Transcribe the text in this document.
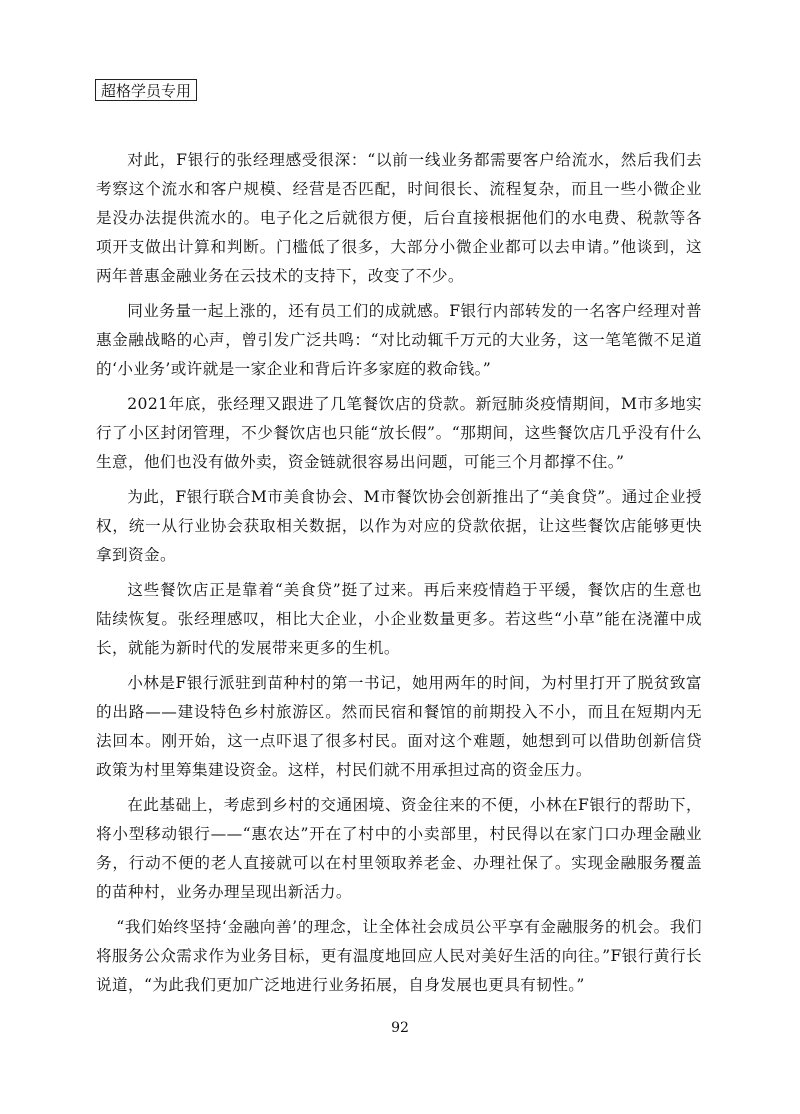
超格学员专用

对此，F银行的张经理感受很深：“以前一线业务都需要客户给流水，然后我们去考察这个流水和客户规模、经营是否匹配，时间很长、流程复杂，而且一些小微企业是没办法提供流水的。电子化之后就很方便，后台直接根据他们的水电费、税款等各项开支做出计算和判断。门槛低了很多，大部分小微企业都可以去申请。”他谈到，这两年普惠金融业务在云技术的支持下，改变了不少。

同业务量一起上涨的，还有员工们的成就感。F银行内部转发的一名客户经理对普惠金融战略的心声，曾引发广泛共鸣：“对比动辄千万元的大业务，这一笔笔微不足道的‘小业务’或许就是一家企业和背后许多家庭的救命钱。”

2021年底，张经理又跟进了几笔餐饮店的贷款。新冠肺炎疫情期间，M市多地实行了小区封闭管理，不少餐饮店也只能“放长假”。“那期间，这些餐饮店几乎没有什么生意，他们也没有做外卖，资金链就很容易出问题，可能三个月都撑不住。”

为此，F银行联合M市美食协会、M市餐饮协会创新推出了“美食贷”。通过企业授权，统一从行业协会获取相关数据，以作为对应的贷款依据，让这些餐饮店能够更快拿到资金。

这些餐饮店正是靠着“美食贷”挺了过来。再后来疫情趋于平缓，餐饮店的生意也陆续恢复。张经理感叹，相比大企业，小企业数量更多。若这些“小草”能在浇灌中成长，就能为新时代的发展带来更多的生机。

小林是F银行派驻到苗种村的第一书记，她用两年的时间，为村里打开了脱贫致富的出路——建设特色乡村旅游区。然而民宿和餐馆的前期投入不小，而且在短期内无法回本。刚开始，这一点吓退了很多村民。面对这个难题，她想到可以借助创新信贷政策为村里筹集建设资金。这样，村民们就不用承担过高的资金压力。

在此基础上，考虑到乡村的交通困境、资金往来的不便，小林在F银行的帮助下，将小型移动银行——“惠农达”开在了村中的小卖部里，村民得以在家门口办理金融业务，行动不便的老人直接就可以在村里领取养老金、办理社保了。实现金融服务覆盖的苗种村，业务办理呈现出新活力。

“我们始终坚持‘金融向善’的理念，让全体社会成员公平享有金融服务的机会。我们将服务公众需求作为业务目标，更有温度地回应人民对美好生活的向往。”F银行黄行长说道，“为此我们更加广泛地进行业务拓展，自身发展也更具有韧性。”

92
